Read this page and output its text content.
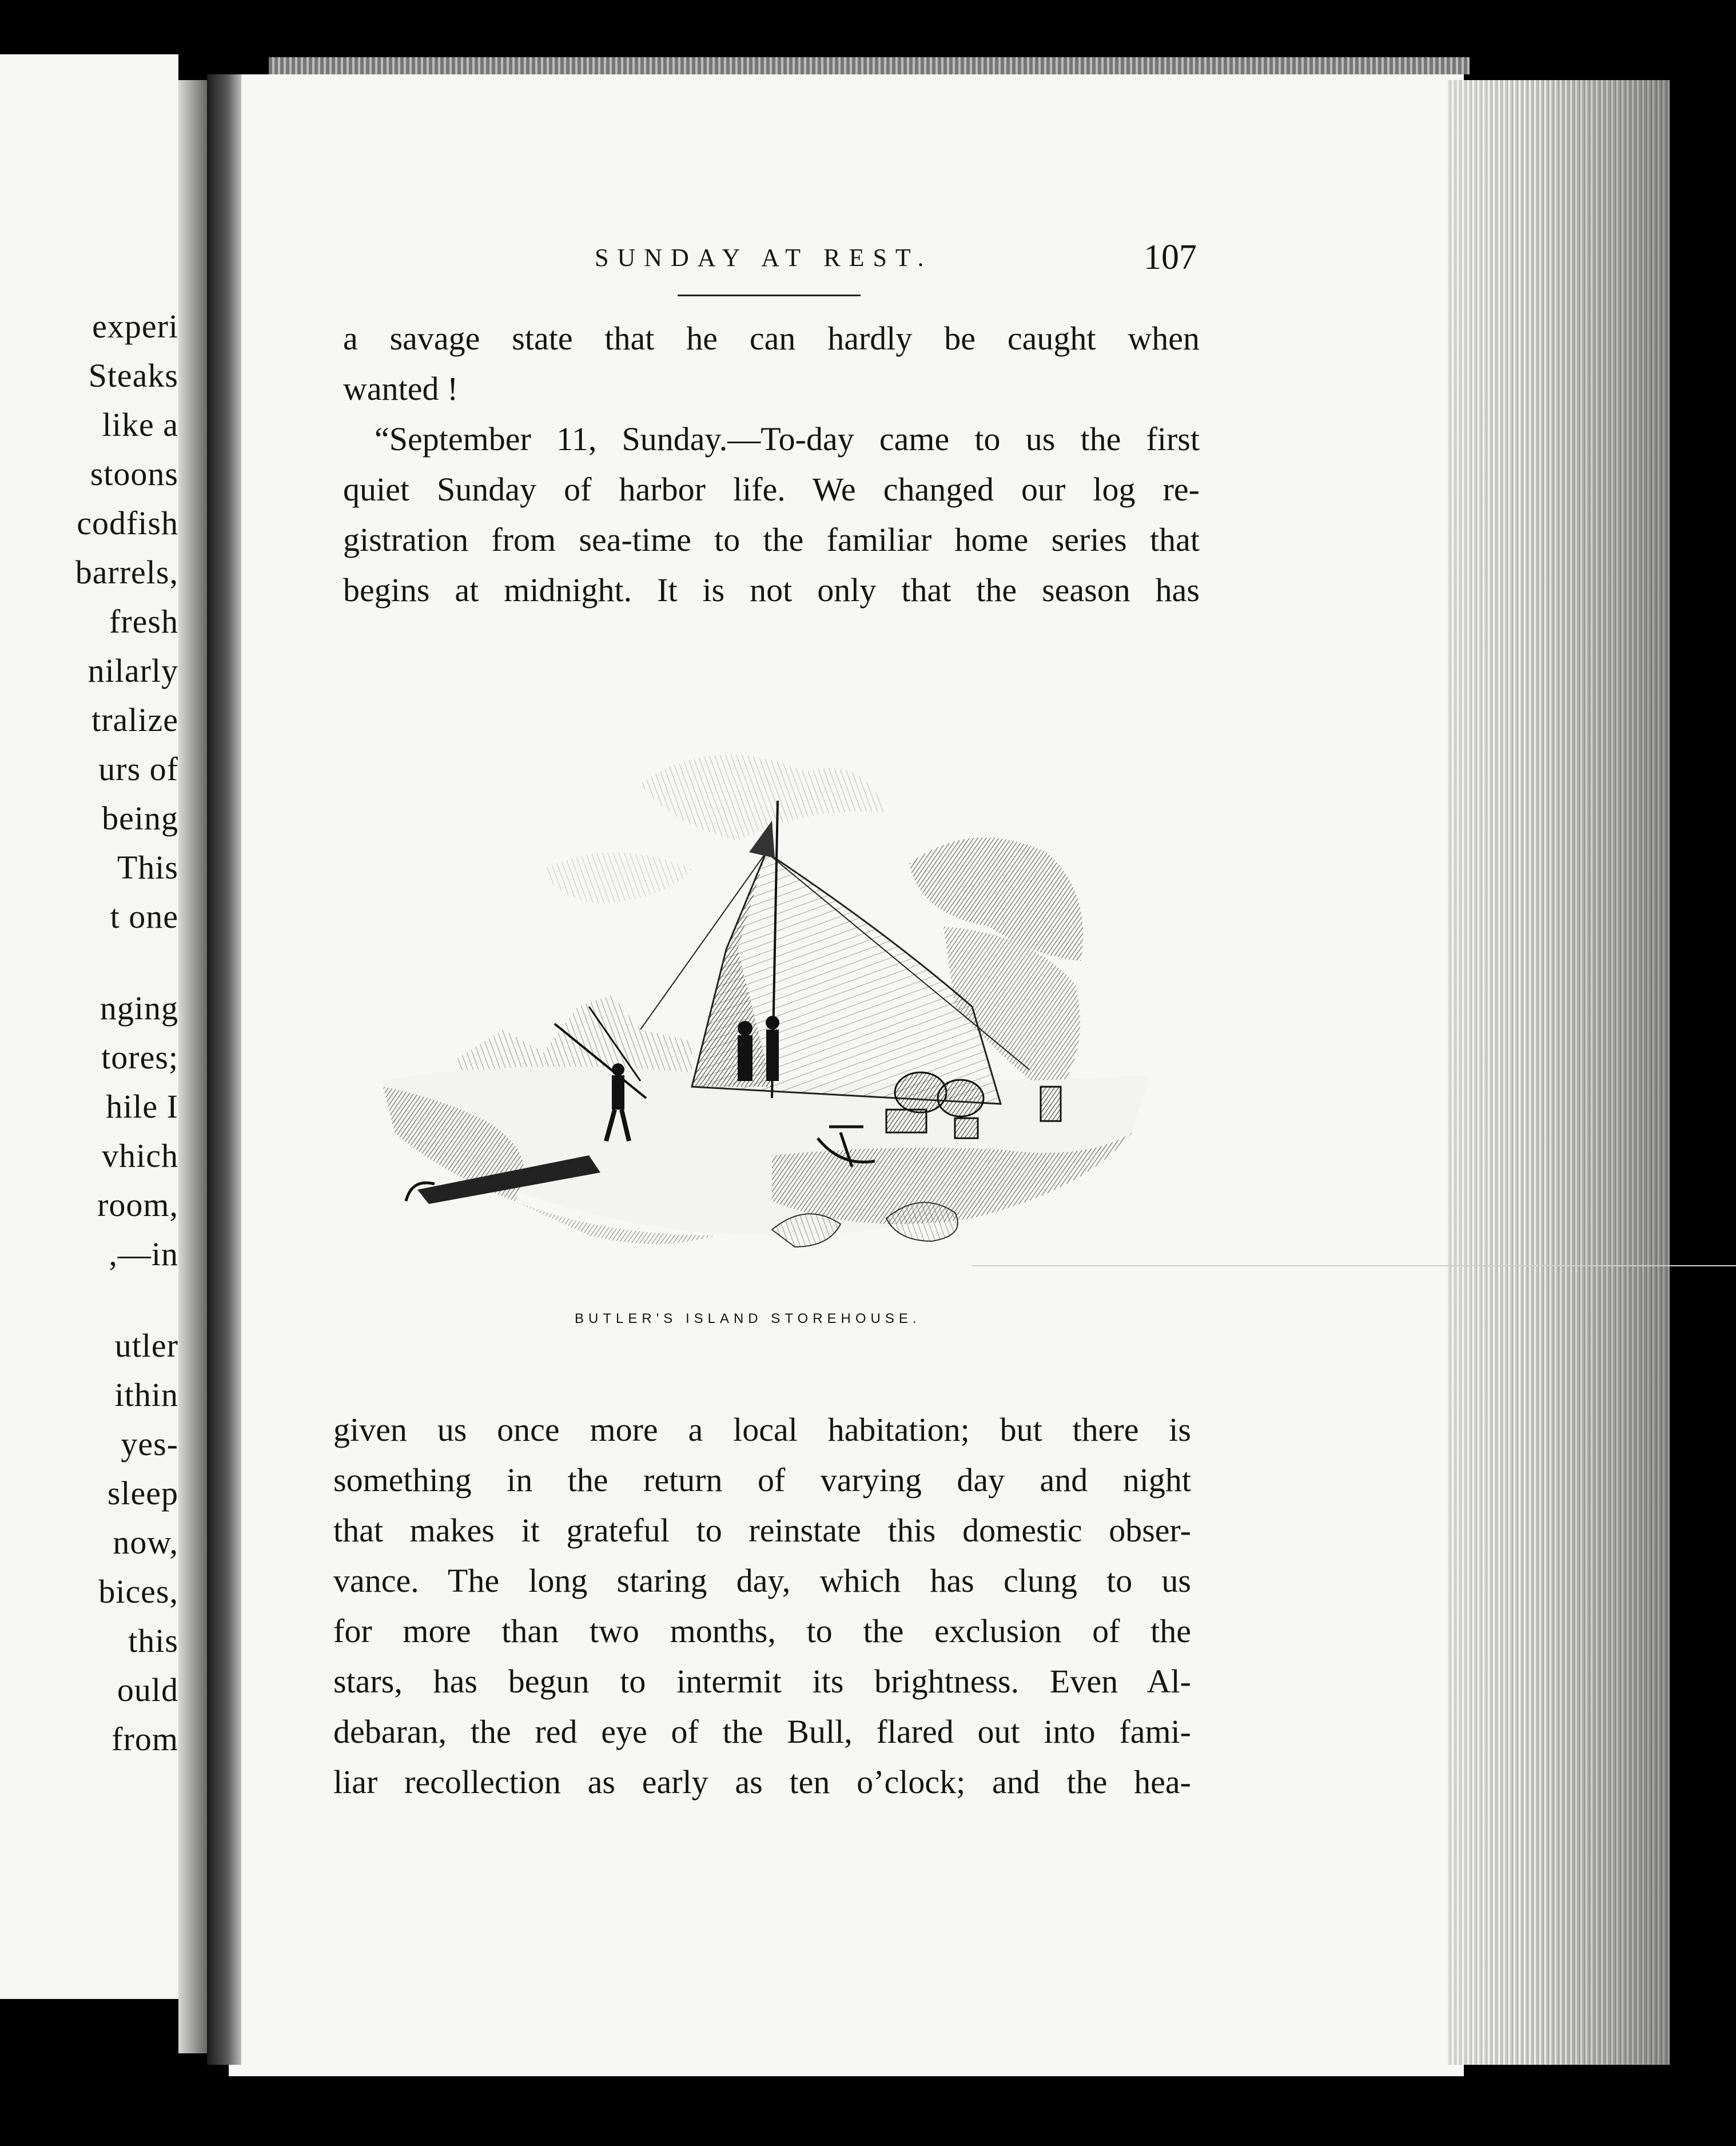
experi
Steaks
like a
stoons
codfish
barrels,
fresh
nilarly
tralize
urs of
being
This
t one
nging
tores;
hile I
vhich
room,
,—in
utler
ithin
yes-
sleep
now,
bices,
this
ould
from
SUNDAY AT REST.	107
a savage state that he can hardly be caught when
wanted !
“September 11, Sunday.—To-day came to us the first
quiet Sunday of harbor life. We changed our log re-
gistration from sea-time to the familiar home series that
begins at midnight. It is not only that the season has
BUTLER'S ISLAND STOREHOUSE.
given us once more a local habitation; but there is
something in the return of varying day and night
that makes it grateful to reinstate this domestic obser-
vance. The long staring day, which has clung to us
for more than two months, to the exclusion of the
stars, has begun to intermit its brightness. Even Al-
debaran, the red eye of the Bull, flared out into fami-
liar recollection as early as ten o’clock; and the hea-
